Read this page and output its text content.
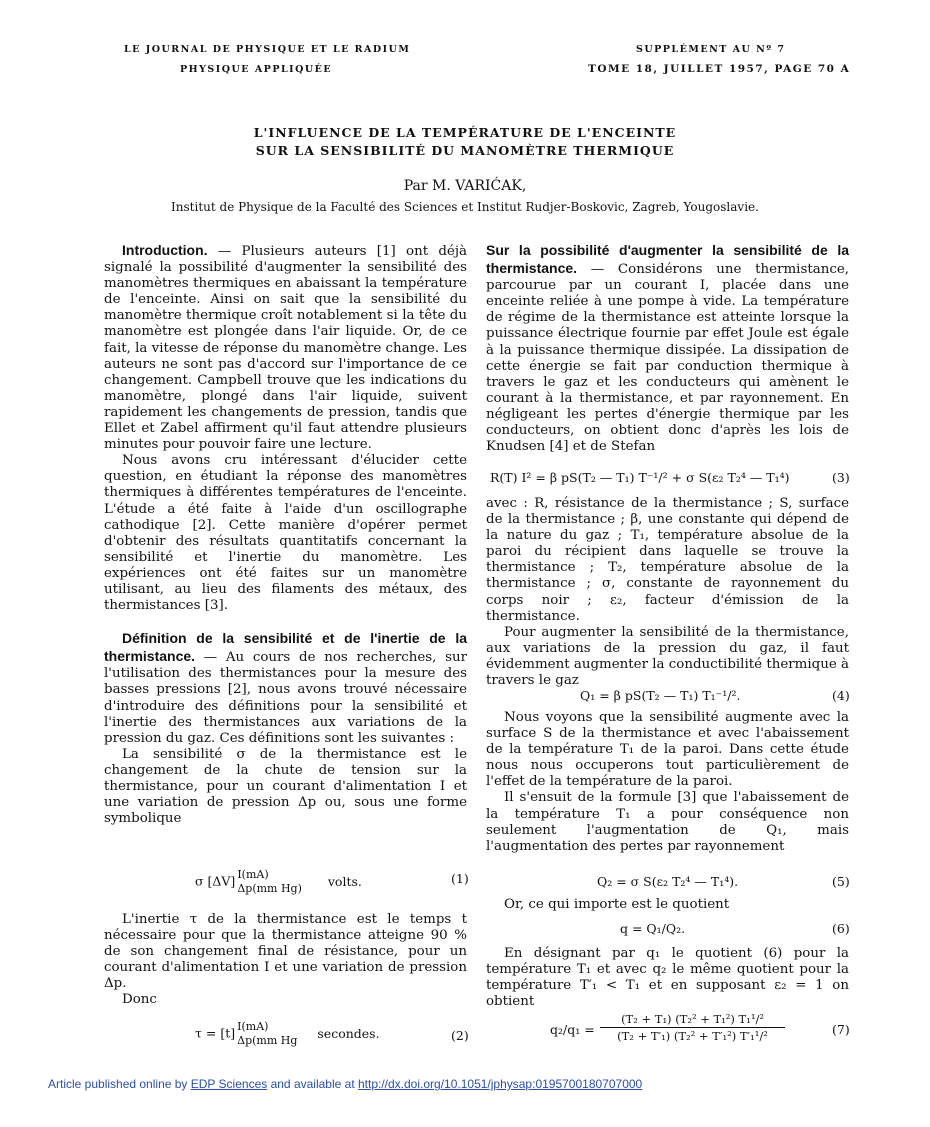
LE JOURNAL DE PHYSIQUE ET LE RADIUM
PHYSIQUE APPLIQUÉE
SUPPLÉMENT AU Nº 7
TOME 18, JUILLET 1957, PAGE 70 A
L'INFLUENCE DE LA TEMPÉRATURE DE L'ENCEINTE
SUR LA SENSIBILITÉ DU MANOMÈTRE THERMIQUE
Par M. VARIĆAK,
Institut de Physique de la Faculté des Sciences et Institut Rudjer-Boskovic, Zagreb, Yougoslavie.

Introduction. — Plusieurs auteurs [1] ont déjà signalé la possibilité d'augmenter la sensibilité des manomètres thermiques en abaissant la température de l'enceinte. Ainsi on sait que la sensibilité du manomètre thermique croît notablement si la tête du manomètre est plongée dans l'air liquide. Or, de ce fait, la vitesse de réponse du manomètre change. Les auteurs ne sont pas d'accord sur l'importance de ce changement. Campbell trouve que les indications du manomètre, plongé dans l'air liquide, suivent rapidement les changements de pression, tandis que Ellet et Zabel affirment qu'il faut attendre plusieurs minutes pour pouvoir faire une lecture.

Nous avons cru intéressant d'élucider cette question, en étudiant la réponse des manomètres thermiques à différentes températures de l'enceinte. L'étude a été faite à l'aide d'un oscillographe cathodique [2]. Cette manière d'opérer permet d'obtenir des résultats quantitatifs concernant la sensibilité et l'inertie du manomètre. Les expériences ont été faites sur un manomètre utilisant, au lieu des filaments des métaux, des thermistances [3].

Définition de la sensibilité et de l'inertie de la thermistance. — Au cours de nos recherches, sur l'utilisation des thermistances pour la mesure des basses pressions [2], nous avons trouvé nécessaire d'introduire des définitions pour la sensibilité et l'inertie des thermistances aux variations de la pression du gaz. Ces définitions sont les suivantes :

La sensibilité σ de la thermistance est le changement de la chute de tension sur la thermistance, pour un courant d'alimentation I et une variation de pression Δp ou, sous une forme symbolique

σ [ΔV] I(mA)
Δp(mm Hg) volts.	(1)

L'inertie τ de la thermistance est le temps t nécessaire pour que la thermistance atteigne 90 % de son changement final de résistance, pour un courant d'alimentation I et une variation de pression Δp.

Donc

τ = [t] I(mA)
Δp(mm Hg secondes.	(2)

Sur la possibilité d'augmenter la sensibilité de la thermistance. — Considérons une thermistance, parcourue par un courant I, placée dans une enceinte reliée à une pompe à vide. La température de régime de la thermistance est atteinte lorsque la puissance électrique fournie par effet Joule est égale à la puissance thermique dissipée. La dissipation de cette énergie se fait par conduction thermique à travers le gaz et les conducteurs qui amènent le courant à la thermistance, et par rayonnement. En négligeant les pertes d'énergie thermique par les conducteurs, on obtient donc d'après les lois de Knudsen [4] et de Stefan

R(T) I² = β pS(T₂ — T₁) T⁻¹/² + σ S(ε₂ T₂⁴ — T₁⁴)	(3)

avec : R, résistance de la thermistance ; S, surface de la thermistance ; β, une constante qui dépend de la nature du gaz ; T₁, température absolue de la paroi du récipient dans laquelle se trouve la thermistance ; T₂, température absolue de la thermistance ; σ, constante de rayonnement du corps noir ; ε₂, facteur d'émission de la thermistance.

Pour augmenter la sensibilité de la thermistance, aux variations de la pression du gaz, il faut évidemment augmenter la conductibilité thermique à travers le gaz

Q₁ = β pS(T₂ — T₁) T₁⁻¹/².	(4)

Nous voyons que la sensibilité augmente avec la surface S de la thermistance et avec l'abaissement de la température T₁ de la paroi. Dans cette étude nous nous occuperons tout particulièrement de l'effet de la température de la paroi.

Il s'ensuit de la formule [3] que l'abaissement de la température T₁ a pour conséquence non seulement l'augmentation de Q₁, mais l'augmentation des pertes par rayonnement

Q₂ = σ S(ε₂ T₂⁴ — T₁⁴).	(5)

Or, ce qui importe est le quotient

q = Q₁/Q₂.	(6)

En désignant par q₁ le quotient (6) pour la température T₁ et avec q₂ le même quotient pour la température T′₁ < T₁ et en supposant ε₂ = 1 on obtient

$q_2/q_1 = \frac{\text{(T₂ + T₁) (T₂² + T₁²) T₁¹/²}}{\text{(T₂ + T′₁) (T₂² + T′₁²) T′₁¹/²}}$	(7)
Article published online by EDP Sciences and available at http://dx.doi.org/10.1051/jphysap:0195700180707000
